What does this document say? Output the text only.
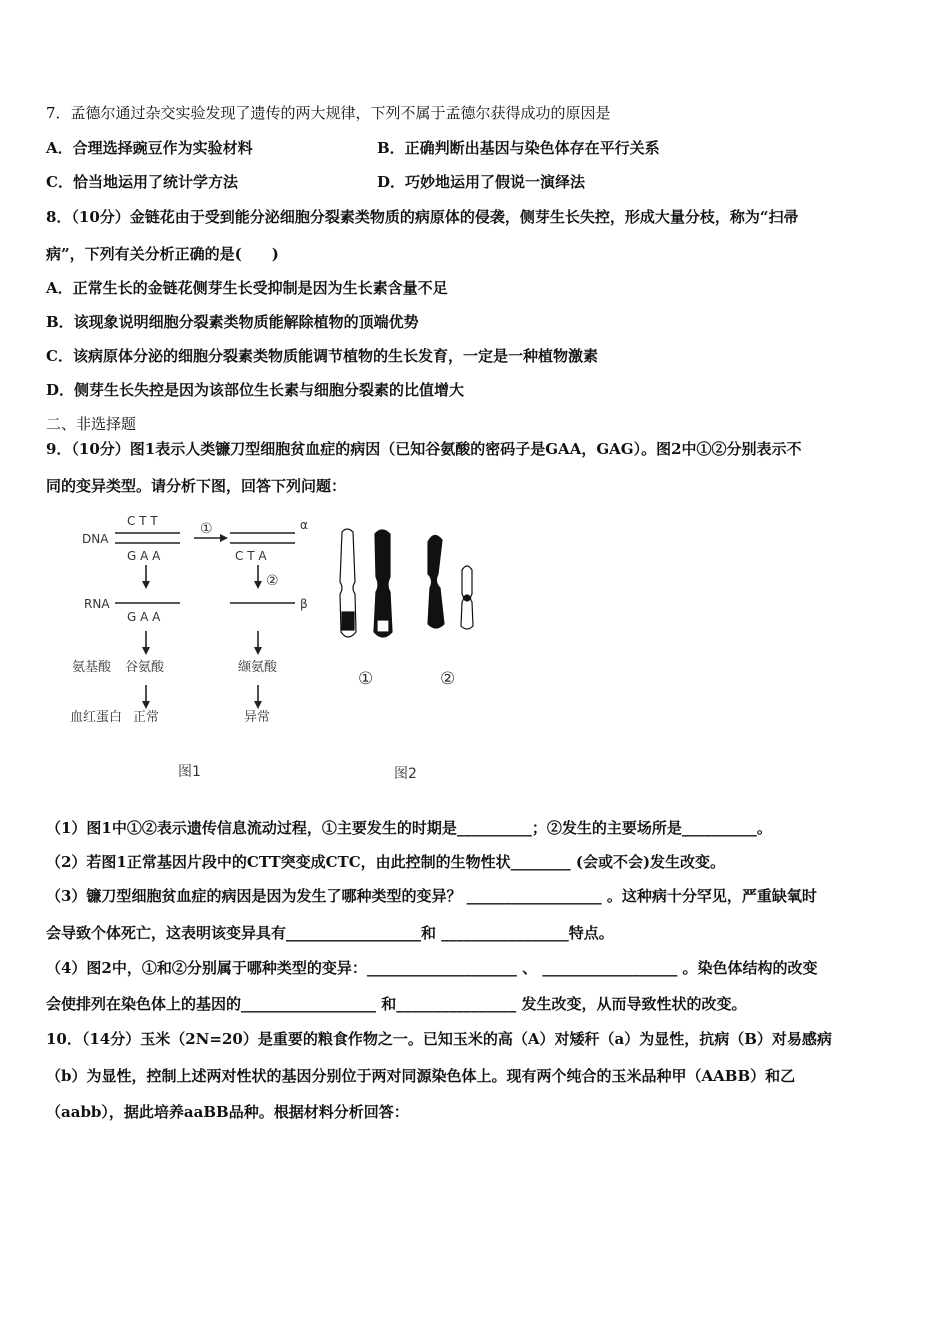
7．孟德尔通过杂交实验发现了遗传的两大规律，下列不属于孟德尔获得成功的原因是
A．合理选择豌豆作为实验材料	B．正确判断出基因与染色体存在平行关系
C．恰当地运用了统计学方法	D．巧妙地运用了假说一演绎法
8．（10分）金链花由于受到能分泌细胞分裂素类物质的病原体的侵袭，侧芽生长失控，形成大量分枝，称为“扫帚
病”，下列有关分析正确的是(　　)
A．正常生长的金链花侧芽生长受抑制是因为生长素含量不足
B．该现象说明细胞分裂素类物质能解除植物的顶端优势
C．该病原体分泌的细胞分裂素类物质能调节植物的生长发育，一定是一种植物激素
D．侧芽生长失控是因为该部位生长素与细胞分裂素的比值增大
二、非选择题
9．（10分）图1表示人类镰刀型细胞贫血症的病因（已知谷氨酸的密码子是GAA，GAG）。图2中①②分别表示不
同的变异类型。请分析下图，回答下列问题：
DNA
C T T
G A A
①	α
C T A
②
RNA
G A A
β
氨基酸 谷氨酸	缬氨酸
血红蛋白 正常	异常
图1
①	②
图2
（1）图1中①②表示遗传信息流动过程，①主要发生的时期是__________；②发生的主要场所是__________。
（2）若图1正常基因片段中的CTT突变成CTC，由此控制的生物性状________ (会或不会)发生改变。
（3）镰刀型细胞贫血症的病因是因为发生了哪种类型的变异？ __________________ 。这种病十分罕见，严重缺氧时
会导致个体死亡，这表明该变异具有__________________和 _________________特点。
（4）图2中，①和②分别属于哪种类型的变异：____________________ 、 __________________ 。染色体结构的改变
会使排列在染色体上的基因的__________________ 和________________ 发生改变，从而导致性状的改变。
10．（14分）玉米（2N=20）是重要的粮食作物之一。已知玉米的高（A）对矮秆（a）为显性，抗病（B）对易感病
（b）为显性，控制上述两对性状的基因分别位于两对同源染色体上。现有两个纯合的玉米品种甲（AABB）和乙
（aabb），据此培养aaBB品种。根据材料分析回答：
